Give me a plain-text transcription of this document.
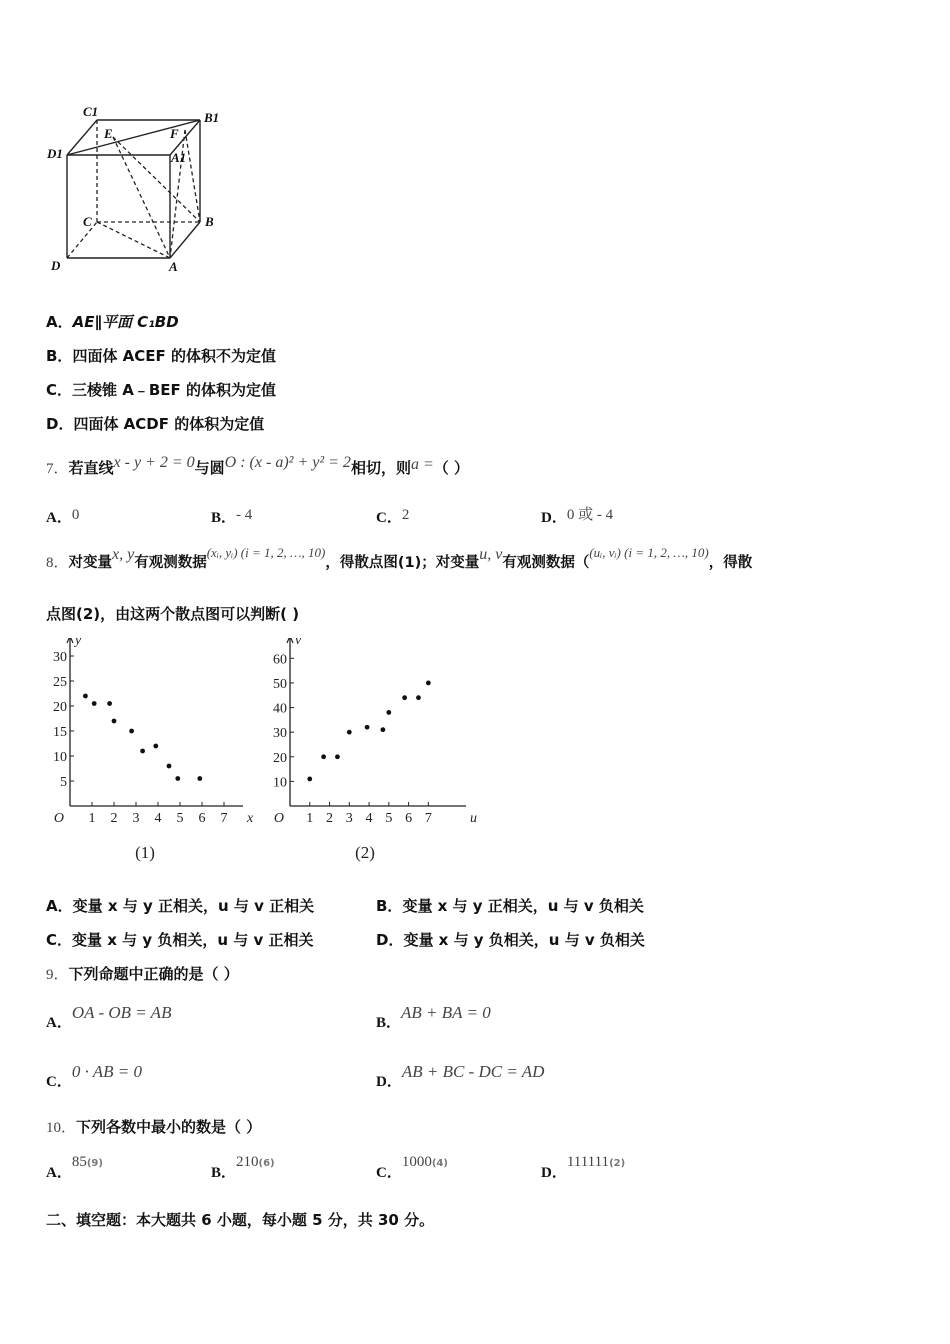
C1	B1
D1
E	F
A1
C	B
D	A
A．AE∥平面 C₁BD
B．四面体 ACEF 的体积不为定值
C．三棱锥 A﹣BEF 的体积为定值
D．四面体 ACDF 的体积为定值
7．若直线x - y + 2 = 0与圆O : (x - a)² + y² = 2相切，则a =（ ）
A．0	B．- 4	C．2	D．0 或 - 4
8．对变量x, y有观测数据(xᵢ, yᵢ) (i = 1, 2, …, 10)，得散点图(1)；对变量u, v有观测数据（(uᵢ, vᵢ) (i = 1, 2, …, 10)，得散
点图(2)，由这两个散点图可以判断( )
1 2 3 4 5 6 7
5
10
15
20
25
30
O	x
y
(1)
1 2 3 4 5 6 7
10
20
30
40
50
60
O	u
v
(2)
A．变量 x 与 y 正相关，u 与 v 正相关	B．变量 x 与 y 正相关，u 与 v 负相关
C．变量 x 与 y 负相关，u 与 v 正相关	D．变量 x 与 y 负相关，u 与 v 负相关
9．下列命题中正确的是（ ）
A．OA - OB = AB
B．AB + BA = 0
C．0 · AB = 0
D．AB + BC - DC = AD
10．下列各数中最小的数是（ ）
A．85(9)
B．210(6)
C．1000(4)
D．111111(2)
二、填空题：本大题共 6 小题，每小题 5 分，共 30 分。
